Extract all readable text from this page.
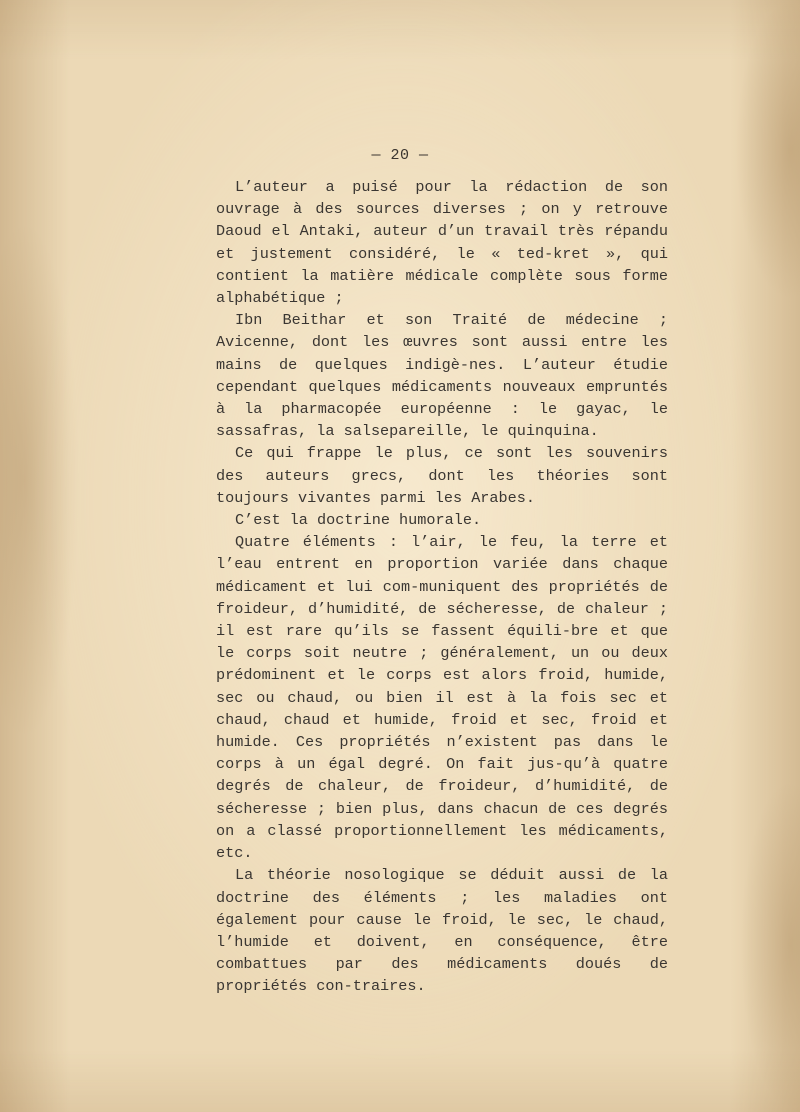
— 20 —

L’auteur a puisé pour la rédaction de son ouvrage à des sources diverses ; on y retrouve Daoud el Antaki, auteur d’un travail très répandu et justement considéré, le « ted-kret », qui contient la matière médicale complète sous forme alphabétique ;

Ibn Beithar et son Traité de médecine ; Avicenne, dont les œuvres sont aussi entre les mains de quelques indigè-nes. L’auteur étudie cependant quelques médicaments nouveaux empruntés à la pharmacopée européenne : le gayac, le sassafras, la salsepareille, le quinquina.

Ce qui frappe le plus, ce sont les souvenirs des auteurs grecs, dont les théories sont toujours vivantes parmi les Arabes.

C’est la doctrine humorale.

Quatre éléments : l’air, le feu, la terre et l’eau entrent en proportion variée dans chaque médicament et lui com-muniquent des propriétés de froideur, d’humidité, de sécheresse, de chaleur ; il est rare qu’ils se fassent équili-bre et que le corps soit neutre ; généralement, un ou deux prédominent et le corps est alors froid, humide, sec ou chaud, ou bien il est à la fois sec et chaud, chaud et humide, froid et sec, froid et humide. Ces propriétés n’existent pas dans le corps à un égal degré. On fait jus-qu’à quatre degrés de chaleur, de froideur, d’humidité, de sécheresse ; bien plus, dans chacun de ces degrés on a classé proportionnellement les médicaments, etc.

La théorie nosologique se déduit aussi de la doctrine des éléments ; les maladies ont également pour cause le froid, le sec, le chaud, l’humide et doivent, en conséquence, être combattues par des médicaments doués de propriétés con-traires.
